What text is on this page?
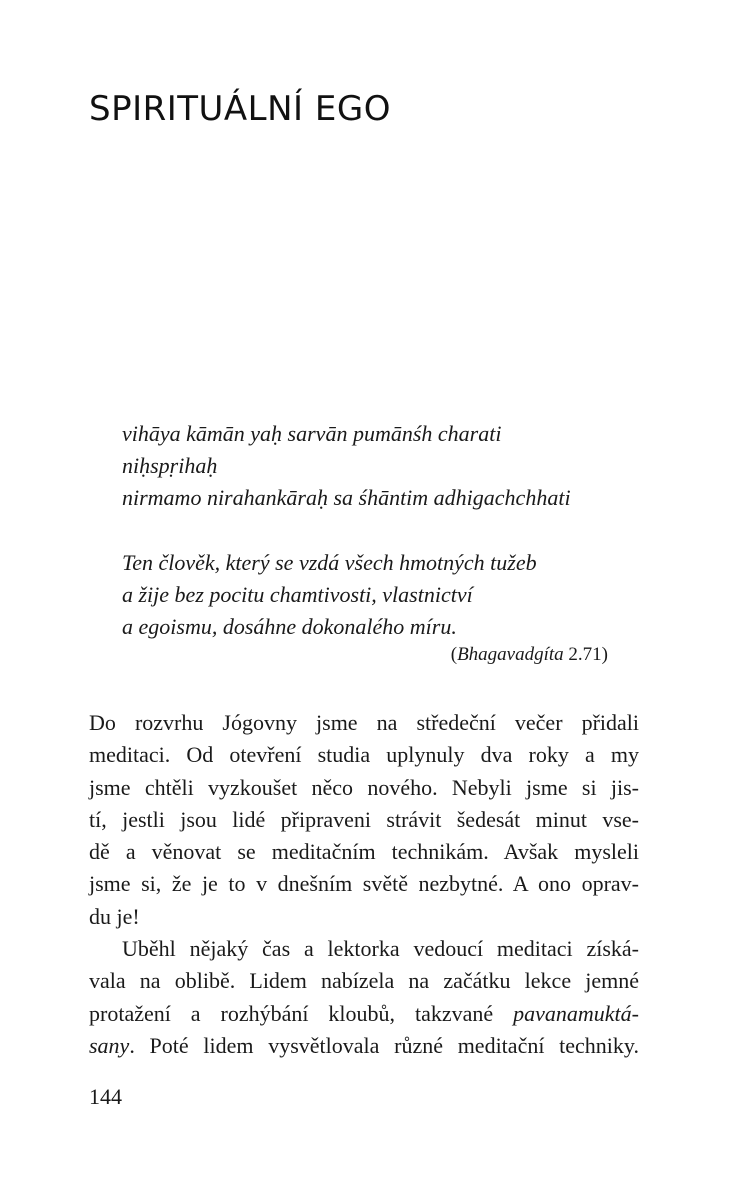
SPIRITUÁLNÍ EGO
vihāya kāmān yaḥ sarvān pumānśh charati
niḥspṛihaḥ
nirmamo nirahankāraḥ sa śhāntim adhigachchhati
Ten člověk, který se vzdá všech hmotných tužeb
a žije bez pocitu chamtivosti, vlastnictví
a egoismu, dosáhne dokonalého míru.
(Bhagavadgíta 2.71)
Do rozvrhu Jógovny jsme na středeční večer přidali
meditaci. Od otevření studia uplynuly dva roky a my
jsme chtěli vyzkoušet něco nového. Nebyli jsme si jis-
tí, jestli jsou lidé připraveni strávit šedesát minut vse-
dě a věnovat se meditačním technikám. Avšak mysleli
jsme si, že je to v dnešním světě nezbytné. A ono oprav-
du je!
Uběhl nějaký čas a lektorka vedoucí meditaci získá-
vala na oblibě. Lidem nabízela na začátku lekce jemné
protažení a rozhýbání kloubů, takzvané pavanamuktá-
sany. Poté lidem vysvětlovala různé meditační techniky.
144
